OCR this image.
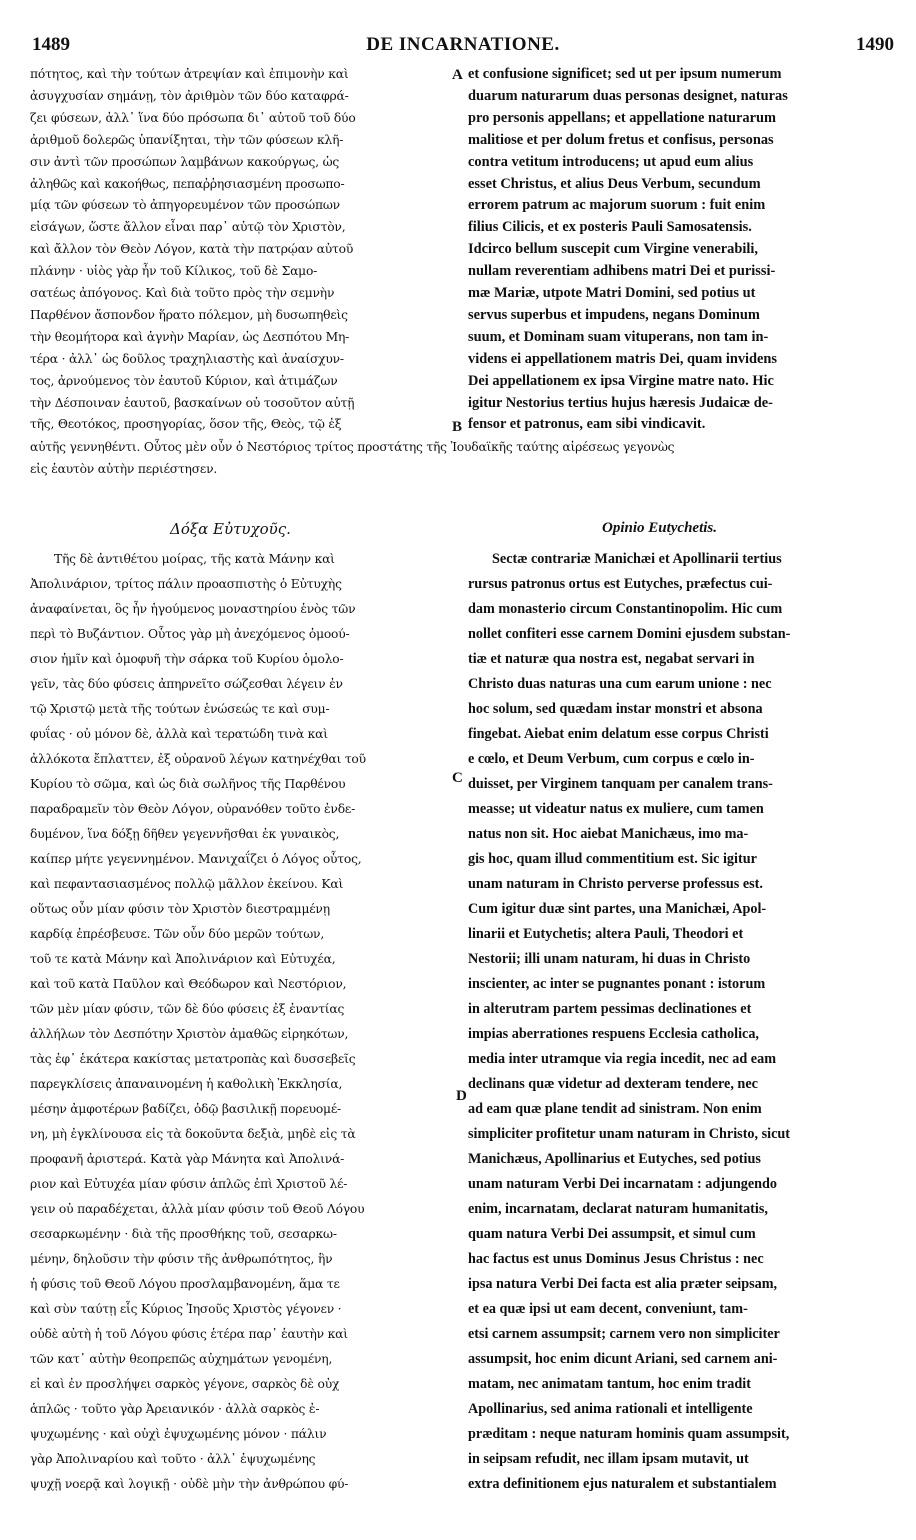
1489	DE INCARNATIONE.	1490
πότητος, καὶ τὴν τούτων ἀτρεψίαν καὶ ἐπιμονὴν καὶ
ἀσυγχυσίαν σημάνῃ, τὸν ἀριθμὸν τῶν δύο καταφρά-
ζει φύσεων, ἀλλ᾿ ἵνα δύο πρόσωπα δι᾿ αὐτοῦ τοῦ δύο
ἀριθμοῦ δολερῶς ὑπανίξηται, τὴν τῶν φύσεων κλῆ-
σιν ἀντὶ τῶν προσώπων λαμβάνων κακούργως, ὡς
ἀληθῶς καὶ κακοήθως, πεπαῤῥησιασμένη προσωπο-
μίᾳ τῶν φύσεων τὸ ἀπηγορευμένον τῶν προσώπων
εἰσάγων, ὥστε ἄλλον εἶναι παρ᾿ αὐτῷ τὸν Χριστὸν,
καὶ ἄλλον τὸν Θεὸν Λόγον, κατὰ τὴν πατρῴαν αὐτοῦ
πλάνην · υἱὸς γὰρ ἦν τοῦ Κίλικος, τοῦ δὲ Σαμο-
σατέως ἀπόγονος. Καὶ διὰ τοῦτο πρὸς τὴν σεμνὴν
Παρθένον ἄσπονδον ἥρατο πόλεμον, μὴ δυσωπηθεὶς
τὴν θεομήτορα καὶ ἁγνὴν Μαρίαν, ὡς Δεσπότου Μη-
τέρα · ἀλλ᾿ ὡς δοῦλος τραχηλιαστὴς καὶ ἀναίσχυν-
τος, ἀρνούμενος τὸν ἑαυτοῦ Κύριον, καὶ ἀτιμάζων
τὴν Δέσποιναν ἑαυτοῦ, βασκαίνων οὐ τοσοῦτον αὐτῇ
τῆς, Θεοτόκος, προσηγορίας, ὅσον τῆς, Θεὸς, τῷ ἐξ
et confusione significet; sed ut per ipsum numerum
duarum naturarum duas personas designet, naturas
pro personis appellans; et appellatione naturarum
malitiose et per dolum fretus et confisus, personas
contra vetitum introducens; ut apud eum alius
esset Christus, et alius Deus Verbum, secundum
errorem patrum ac majorum suorum : fuit enim
filius Cilicis, et ex posteris Pauli Samosatensis.
Idcirco bellum suscepit cum Virgine venerabili,
nullam reverentiam adhibens matri Dei et purissi-
mæ Mariæ, utpote Matri Domini, sed potius ut
servus superbus et impudens, negans Dominum
suum, et Dominam suam vituperans, non tam in-
videns ei appellationem matris Dei, quam invidens
Dei appellationem ex ipsa Virgine matre nato. Hic
igitur Nestorius tertius hujus hæresis Judaicæ de-
fensor et patronus, eam sibi vindicavit.
αὐτῆς γεννηθέντι. Οὗτος μὲν οὖν ὁ Νεστόριος τρίτος προστάτης τῆς Ἰουδαϊκῆς ταύτης αἱρέσεως γεγονὼς
εἰς ἑαυτὸν αὐτὴν περιέστησεν.
A
B
C
D
Δόξα Εὐτυχοῦς.	Opinio Eutychetis.
Τῆς δὲ ἀντιθέτου μοίρας, τῆς κατὰ Μάνην καὶ
Ἀπολινάριον, τρίτος πάλιν προασπιστὴς ὁ Εὐτυχὴς
ἀναφαίνεται, ὃς ἦν ἡγούμενος μοναστηρίου ἑνὸς τῶν
περὶ τὸ Βυζάντιον. Οὗτος γὰρ μὴ ἀνεχόμενος ὁμοού-
σιον ἡμῖν καὶ ὁμοφυῆ τὴν σάρκα τοῦ Κυρίου ὁμολο-
γεῖν, τὰς δύο φύσεις ἀπηρνεῖτο σώζεσθαι λέγειν ἐν
τῷ Χριστῷ μετὰ τῆς τούτων ἑνώσεώς τε καὶ συμ-
φυΐας · οὐ μόνον δὲ, ἀλλὰ καὶ τερατώδη τινὰ καὶ
ἀλλόκοτα ἔπλαττεν, ἐξ οὐρανοῦ λέγων κατηνέχθαι τοῦ
Κυρίου τὸ σῶμα, καὶ ὡς διὰ σωλῆνος τῆς Παρθένου
παραδραμεῖν τὸν Θεὸν Λόγον, οὐρανόθεν τοῦτο ἐνδε-
δυμένον, ἵνα δόξῃ δῆθεν γεγεννῆσθαι ἐκ γυναικὸς,
καίπερ μήτε γεγεννημένον. Μανιχαΐζει ὁ Λόγος οὗτος,
καὶ πεφαντασιασμένος πολλῷ μᾶλλον ἐκείνου. Καὶ
οὕτως οὖν μίαν φύσιν τὸν Χριστὸν διεστραμμένῃ
καρδίᾳ ἐπρέσβευσε. Τῶν οὖν δύο μερῶν τούτων,
τοῦ τε κατὰ Μάνην καὶ Ἀπολινάριον καὶ Εὐτυχέα,
καὶ τοῦ κατὰ Παῦλον καὶ Θεόδωρον καὶ Νεστόριον,
τῶν μὲν μίαν φύσιν, τῶν δὲ δύο φύσεις ἐξ ἐναντίας
ἀλλήλων τὸν Δεσπότην Χριστὸν ἀμαθῶς εἰρηκότων,
τὰς ἐφ᾿ ἑκάτερα κακίστας μετατροπὰς καὶ δυσσεβεῖς
παρεγκλίσεις ἀπαναινομένη ἡ καθολικὴ Ἐκκλησία,
μέσην ἀμφοτέρων βαδίζει, ὁδῷ βασιλικῇ πορευομέ-
νη, μὴ ἐγκλίνουσα εἰς τὰ δοκοῦντα δεξιὰ, μηδὲ εἰς τὰ
προφανῆ ἀριστερά. Κατὰ γὰρ Μάνητα καὶ Ἀπολινά-
ριον καὶ Εὐτυχέα μίαν φύσιν ἁπλῶς ἐπὶ Χριστοῦ λέ-
γειν οὐ παραδέχεται, ἀλλὰ μίαν φύσιν τοῦ Θεοῦ Λόγου
σεσαρκωμένην · διὰ τῆς προσθήκης τοῦ, σεσαρκω-
μένην, δηλοῦσιν τὴν φύσιν τῆς ἀνθρωπότητος, ἣν
ἡ φύσις τοῦ Θεοῦ Λόγου προσλαμβανομένη, ἅμα τε
καὶ σὺν ταύτῃ εἷς Κύριος Ἰησοῦς Χριστὸς γέγονεν ·
οὐδὲ αὐτὴ ἡ τοῦ Λόγου φύσις ἑτέρα παρ᾿ ἑαυτὴν καὶ
τῶν κατ᾿ αὐτὴν θεοπρεπῶς αὐχημάτων γενομένη,
εἰ καὶ ἐν προσλήψει σαρκὸς γέγονε, σαρκὸς δὲ οὐχ
ἁπλῶς · τοῦτο γὰρ Ἀρειανικόν · ἀλλὰ σαρκὸς ἐ-
ψυχωμένης · καὶ οὐχὶ ἐψυχωμένης μόνον · πάλιν
γὰρ Ἀπολιναρίου καὶ τοῦτο · ἀλλ᾿ ἐψυχωμένης
ψυχῇ νοερᾷ καὶ λογικῇ · οὐδὲ μὴν τὴν ἀνθρώπου φύ-
Sectæ contrariæ Manichæi et Apollinarii tertius
rursus patronus ortus est Eutyches, præfectus cui-
dam monasterio circum Constantinopolim. Hic cum
nollet confiteri esse carnem Domini ejusdem substan-
tiæ et naturæ qua nostra est, negabat servari in
Christo duas naturas una cum earum unione : nec
hoc solum, sed quædam instar monstri et absona
fingebat. Aiebat enim delatum esse corpus Christi
e cœlo, et Deum Verbum, cum corpus e cœlo in-
duisset, per Virginem tanquam per canalem trans-
measse; ut videatur natus ex muliere, cum tamen
natus non sit. Hoc aiebat Manichæus, imo ma-
gis hoc, quam illud commentitium est. Sic igitur
unam naturam in Christo perverse professus est.
Cum igitur duæ sint partes, una Manichæi, Apol-
linarii et Eutychetis; altera Pauli, Theodori et
Nestorii; illi unam naturam, hi duas in Christo
inscienter, ac inter se pugnantes ponant : istorum
in alterutram partem pessimas declinationes et
impias aberrationes respuens Ecclesia catholica,
media inter utramque via regia incedit, nec ad eam
declinans quæ videtur ad dexteram tendere, nec
ad eam quæ plane tendit ad sinistram. Non enim
simpliciter profitetur unam naturam in Christo, sicut
Manichæus, Apollinarius et Eutyches, sed potius
unam naturam Verbi Dei incarnatam : adjungendo
enim, incarnatam, declarat naturam humanitatis,
quam natura Verbi Dei assumpsit, et simul cum
hac factus est unus Dominus Jesus Christus : nec
ipsa natura Verbi Dei facta est alia præter seipsam,
et ea quæ ipsi ut eam decent, conveniunt, tam-
etsi carnem assumpsit; carnem vero non simpliciter
assumpsit, hoc enim dicunt Ariani, sed carnem ani-
matam, nec animatam tantum, hoc enim tradit
Apollinarius, sed anima rationali et intelligente
præditam : neque naturam hominis quam assumpsit,
in seipsam refudit, nec illam ipsam mutavit, ut
extra definitionem ejus naturalem et substantialem
